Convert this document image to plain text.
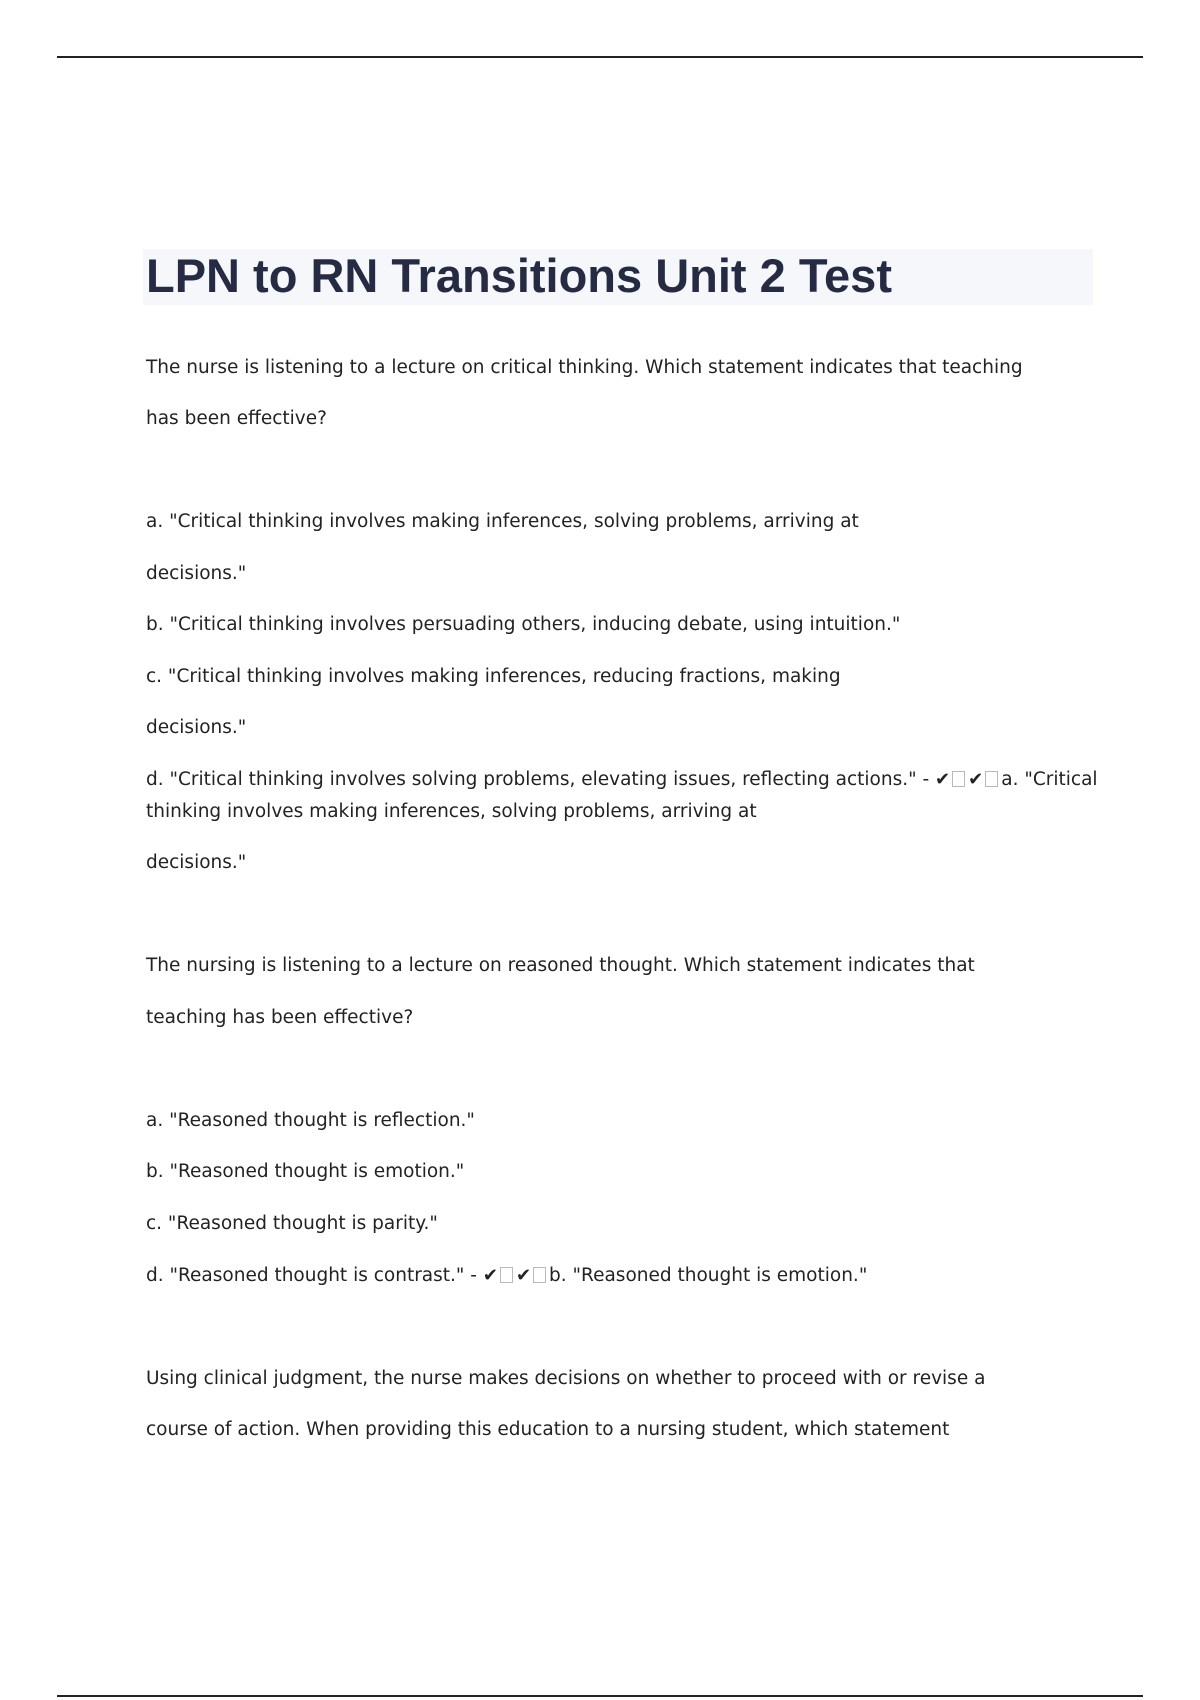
LPN to RN Transitions Unit 2 Test
The nurse is listening to a lecture on critical thinking. Which statement indicates that teaching
has been effective?
a. "Critical thinking involves making inferences, solving problems, arriving at
decisions."
b. "Critical thinking involves persuading others, inducing debate, using intuition."
c. "Critical thinking involves making inferences, reducing fractions, making
decisions."
d. "Critical thinking involves solving problems, elevating issues, reflecting actions." - ✔ ✔ a. "Critical
thinking involves making inferences, solving problems, arriving at
decisions."
The nursing is listening to a lecture on reasoned thought. Which statement indicates that
teaching has been effective?
a. "Reasoned thought is reflection."
b. "Reasoned thought is emotion."
c. "Reasoned thought is parity."
d. "Reasoned thought is contrast." - ✔ ✔ b. "Reasoned thought is emotion."
Using clinical judgment, the nurse makes decisions on whether to proceed with or revise a
course of action. When providing this education to a nursing student, which statement
